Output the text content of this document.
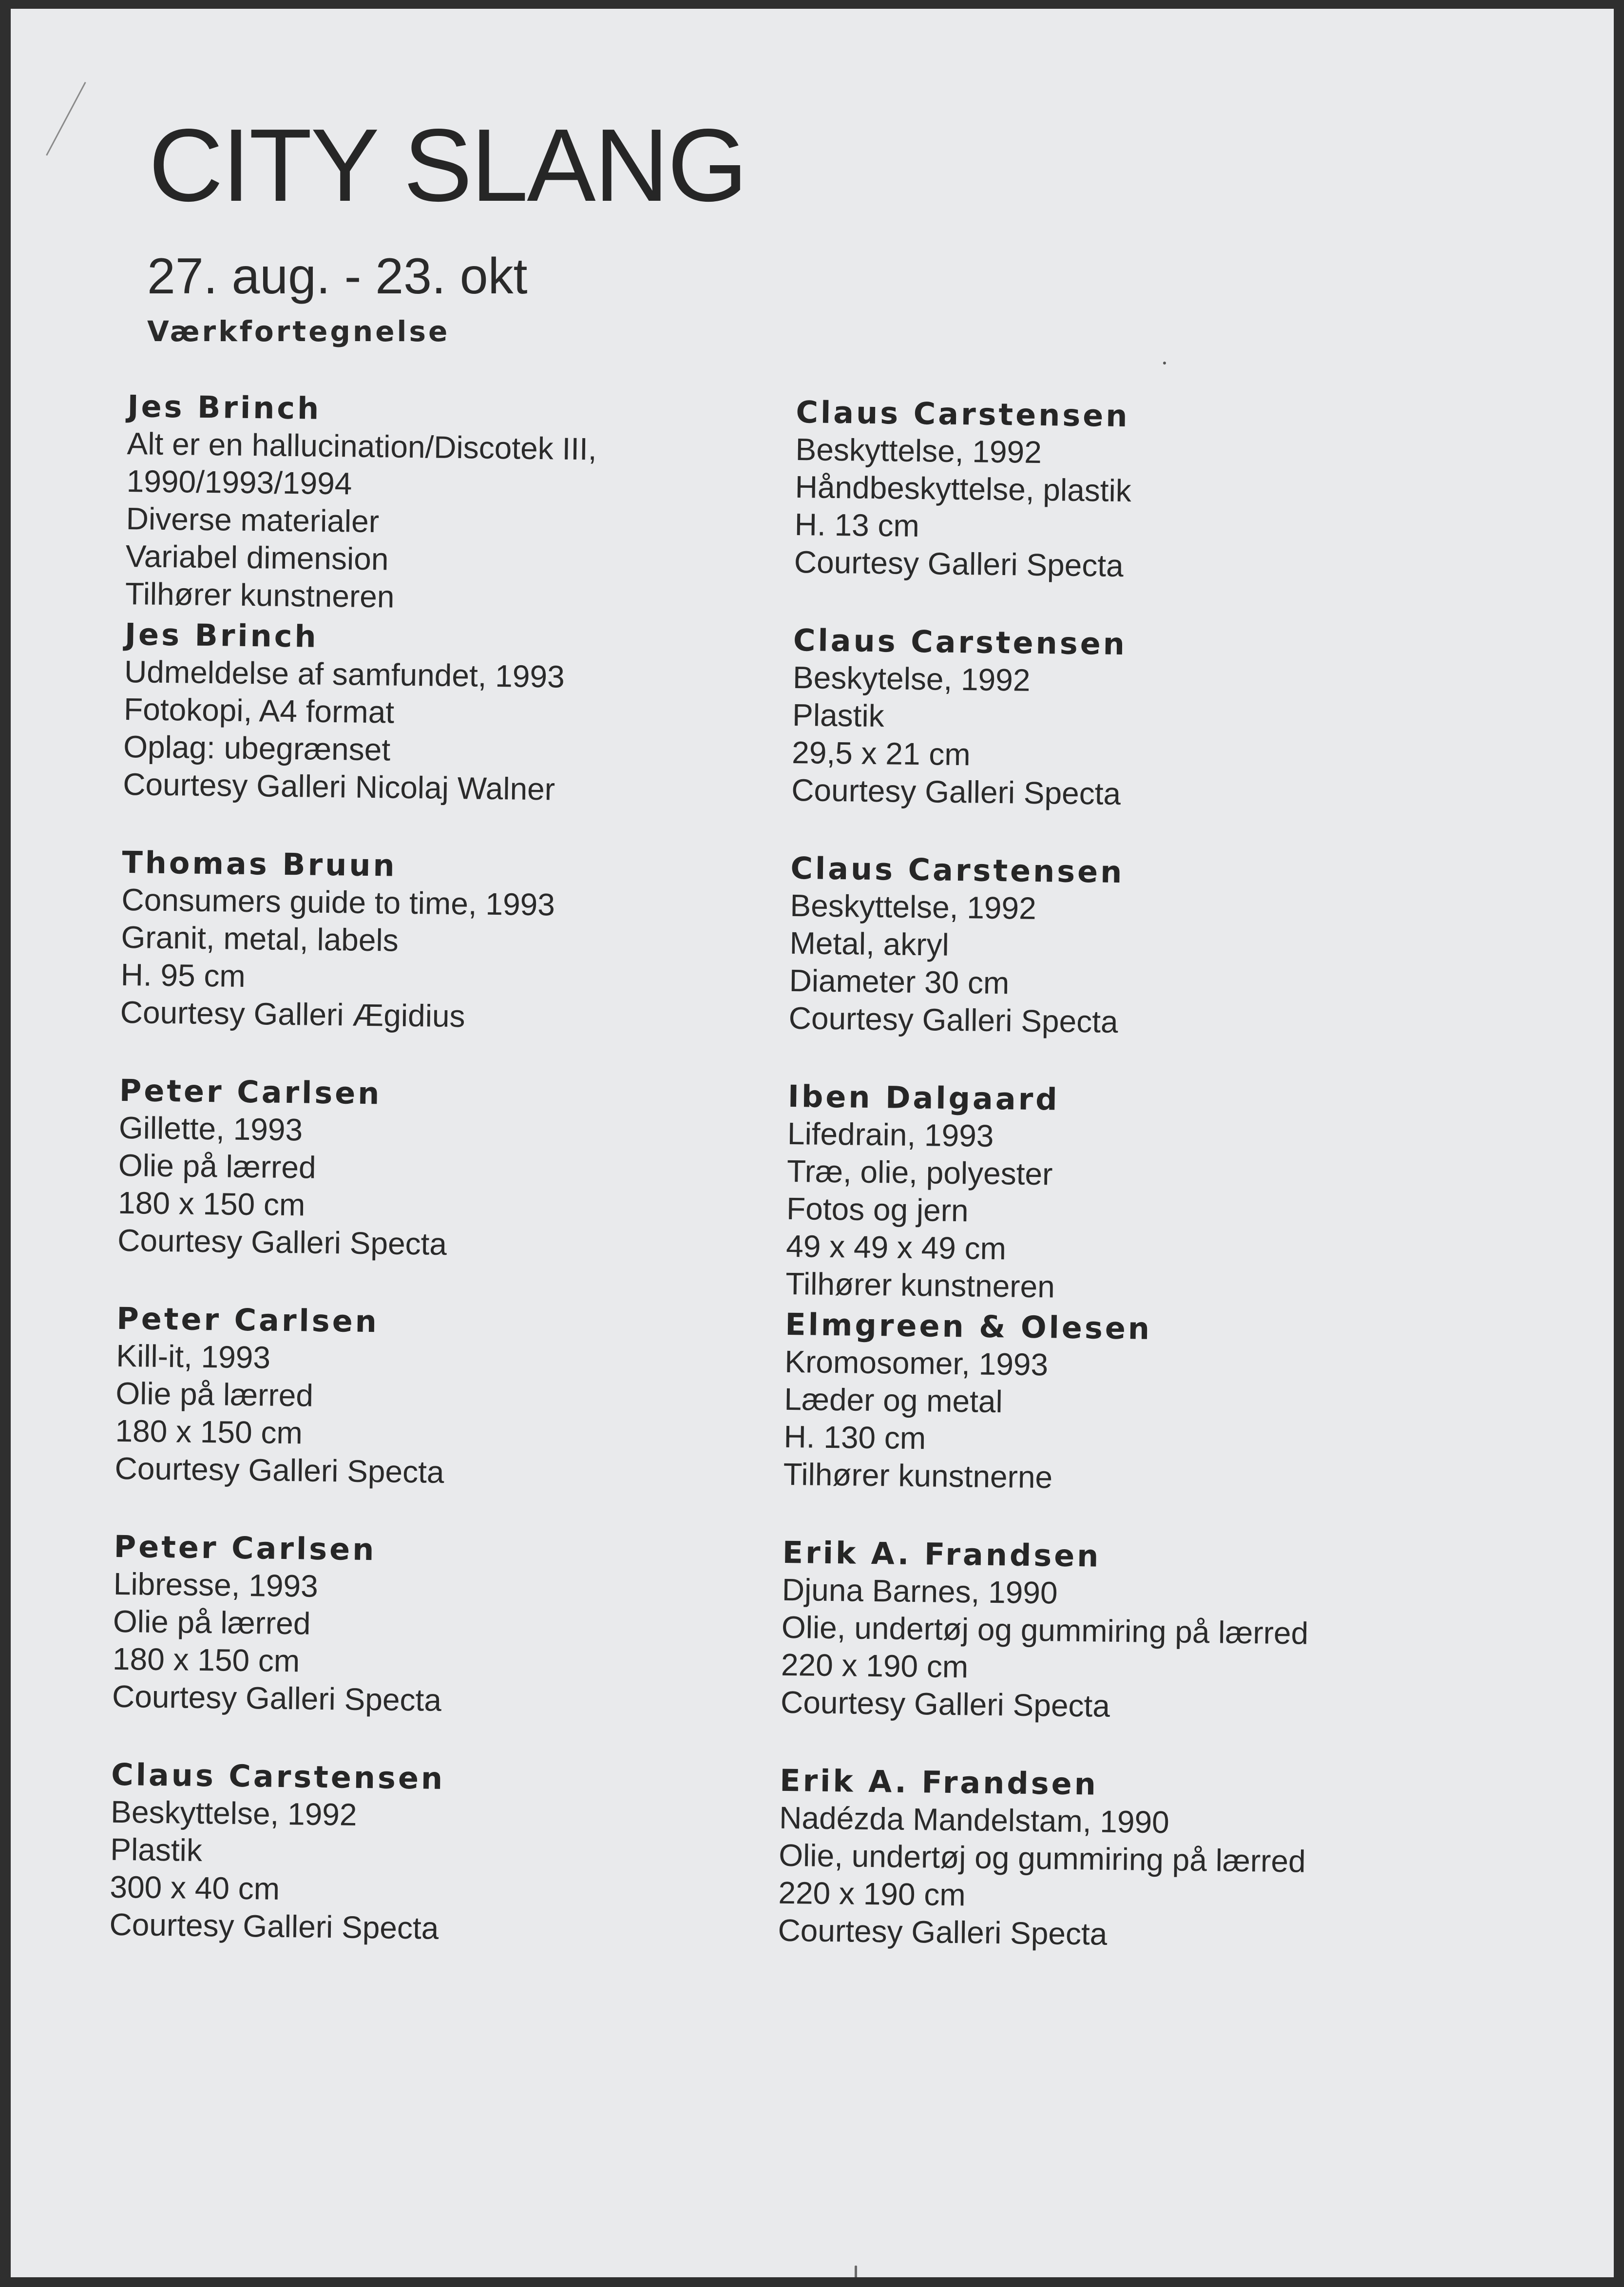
CITY SLANG
27. aug. - 23. okt
Værkfortegnelse
Jes Brinch
Alt er en hallucination/Discotek III,
1990/1993/1994
Diverse materialer
Variabel dimension
Tilhører kunstneren
Jes Brinch
Udmeldelse af samfundet, 1993
Fotokopi, A4 format
Oplag: ubegrænset
Courtesy Galleri Nicolaj Walner
Thomas Bruun
Consumers guide to time, 1993
Granit, metal, labels
H. 95 cm
Courtesy Galleri Ægidius
Peter Carlsen
Gillette, 1993
Olie på lærred
180 x 150 cm
Courtesy Galleri Specta
Peter Carlsen
Kill-it, 1993
Olie på lærred
180 x 150 cm
Courtesy Galleri Specta
Peter Carlsen
Libresse, 1993
Olie på lærred
180 x 150 cm
Courtesy Galleri Specta
Claus Carstensen
Beskyttelse, 1992
Plastik
300 x 40 cm
Courtesy Galleri Specta
Claus Carstensen
Beskyttelse, 1992
Håndbeskyttelse, plastik
H. 13 cm
Courtesy Galleri Specta
Claus Carstensen
Beskytelse, 1992
Plastik
29,5 x 21 cm
Courtesy Galleri Specta
Claus Carstensen
Beskyttelse, 1992
Metal, akryl
Diameter 30 cm
Courtesy Galleri Specta
Iben Dalgaard
Lifedrain, 1993
Træ, olie, polyester
Fotos og jern
49 x 49 x 49 cm
Tilhører kunstneren
Elmgreen & Olesen
Kromosomer, 1993
Læder og metal
H. 130 cm
Tilhører kunstnerne
Erik A. Frandsen
Djuna Barnes, 1990
Olie, undertøj og gummiring på lærred
220 x 190 cm
Courtesy Galleri Specta
Erik A. Frandsen
Nadézda Mandelstam, 1990
Olie, undertøj og gummiring på lærred
220 x 190 cm
Courtesy Galleri Specta
